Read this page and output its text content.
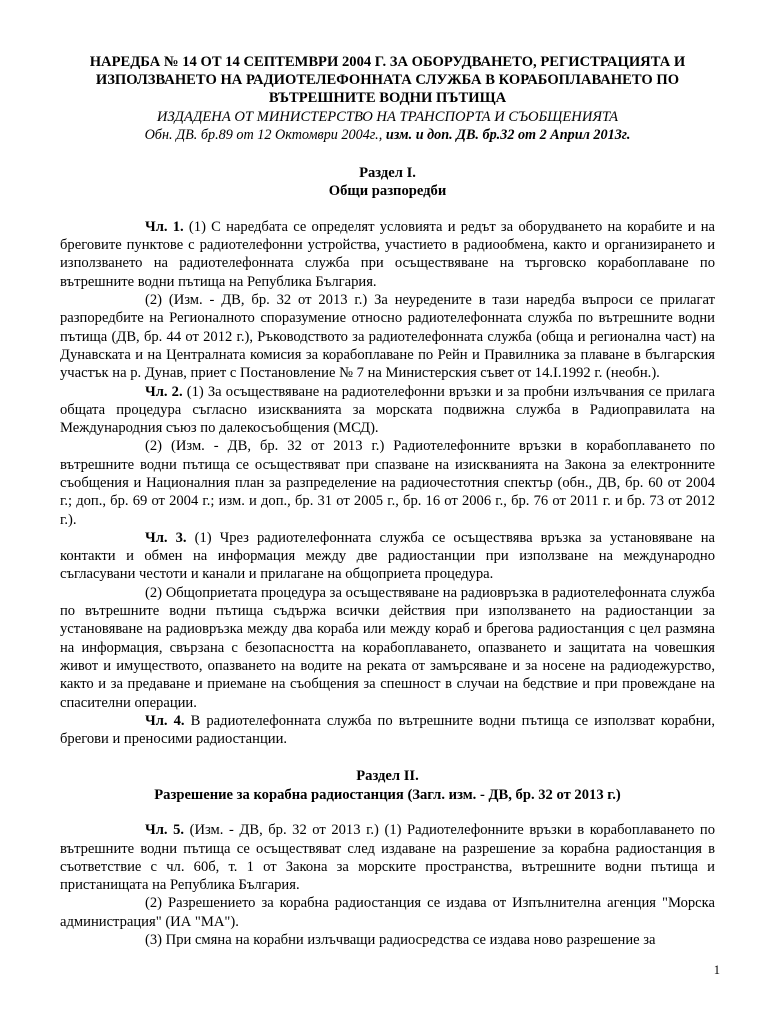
НАРЕДБА № 14 ОТ 14 СЕПТЕМВРИ 2004 Г. ЗА ОБОРУДВАНЕТО, РЕГИСТРАЦИЯТА И
ИЗПОЛЗВАНЕТО НА РАДИОТЕЛЕФОННАТА СЛУЖБА В КОРАБОПЛАВАНЕТО ПО
ВЪТРЕШНИТЕ ВОДНИ ПЪТИЩА
ИЗДАДЕНА ОТ МИНИСТЕРСТВО НА ТРАНСПОРТА И СЪОБЩЕНИЯТА
Обн. ДВ. бр.89 от 12 Октомври 2004г., изм. и доп. ДВ. бр.32 от 2 Април 2013г.
Раздел I.
Общи разпоредби

Чл. 1. (1) С наредбата се определят условията и редът за оборудването на корабите и на бреговите пунктове с радиотелефонни устройства, участието в радиообмена, както и организирането и използването на радиотелефонната служба при осъществяване на търговско корабоплаване по вътрешните водни пътища на Република България.

(2) (Изм. - ДВ, бр. 32 от 2013 г.) За неуредените в тази наредба въпроси се прилагат разпоредбите на Регионалното споразумение относно радиотелефонната служба по вътрешните водни пътища (ДВ, бр. 44 от 2012 г.), Ръководството за радиотелефонната служба (обща и регионална част) на Дунавската и на Централната комисия за корабоплаване по Рейн и Правилника за плаване в българския участък на р. Дунав, приет с Постановление № 7 на Министерския съвет от 14.I.1992 г. (необн.).

Чл. 2. (1) За осъществяване на радиотелефонни връзки и за пробни излъчвания се прилага общата процедура съгласно изискванията за морската подвижна служба в Радиоправилата на Международния съюз по далекосъобщения (МСД).

(2) (Изм. - ДВ, бр. 32 от 2013 г.) Радиотелефонните връзки в корабоплаването по вътрешните водни пътища се осъществяват при спазване на изискванията на Закона за електронните съобщения и Националния план за разпределение на радиочестотния спектър (обн., ДВ, бр. 60 от 2004 г.; доп., бр. 69 от 2004 г.; изм. и доп., бр. 31 от 2005 г., бр. 16 от 2006 г., бр. 76 от 2011 г. и бр. 73 от 2012 г.).

Чл. 3. (1) Чрез радиотелефонната служба се осъществява връзка за установяване на контакти и обмен на информация между две радиостанции при използване на международно съгласувани честоти и канали и прилагане на общоприета процедура.

(2) Общоприетата процедура за осъществяване на радиовръзка в радиотелефонната служба по вътрешните водни пътища съдържа всички действия при използването на радиостанции за установяване на радиовръзка между два кораба или между кораб и брегова радиостанция с цел размяна на информация, свързана с безопасността на корабоплаването, опазването и защитата на човешкия живот и имуществото, опазването на водите на реката от замърсяване и за носене на радиодежурство, както и за предаване и приемане на съобщения за спешност в случаи на бедствие и при провеждане на спасителни операции.

Чл. 4. В радиотелефонната служба по вътрешните водни пътища се използват корабни, брегови и преносими радиостанции.

Раздел II.
Разрешение за корабна радиостанция (Загл. изм. - ДВ, бр. 32 от 2013 г.)

Чл. 5. (Изм. - ДВ, бр. 32 от 2013 г.) (1) Радиотелефонните връзки в корабоплаването по вътрешните водни пътища се осъществяват след издаване на разрешение за корабна радиостанция в съответствие с чл. 60б, т. 1 от Закона за морските пространства, вътрешните водни пътища и пристанищата на Република България.

(2) Разрешението за корабна радиостанция се издава от Изпълнителна агенция "Морска администрация" (ИА "МА").

(3) При смяна на корабни излъчващи радиосредства се издава ново разрешение за

1
